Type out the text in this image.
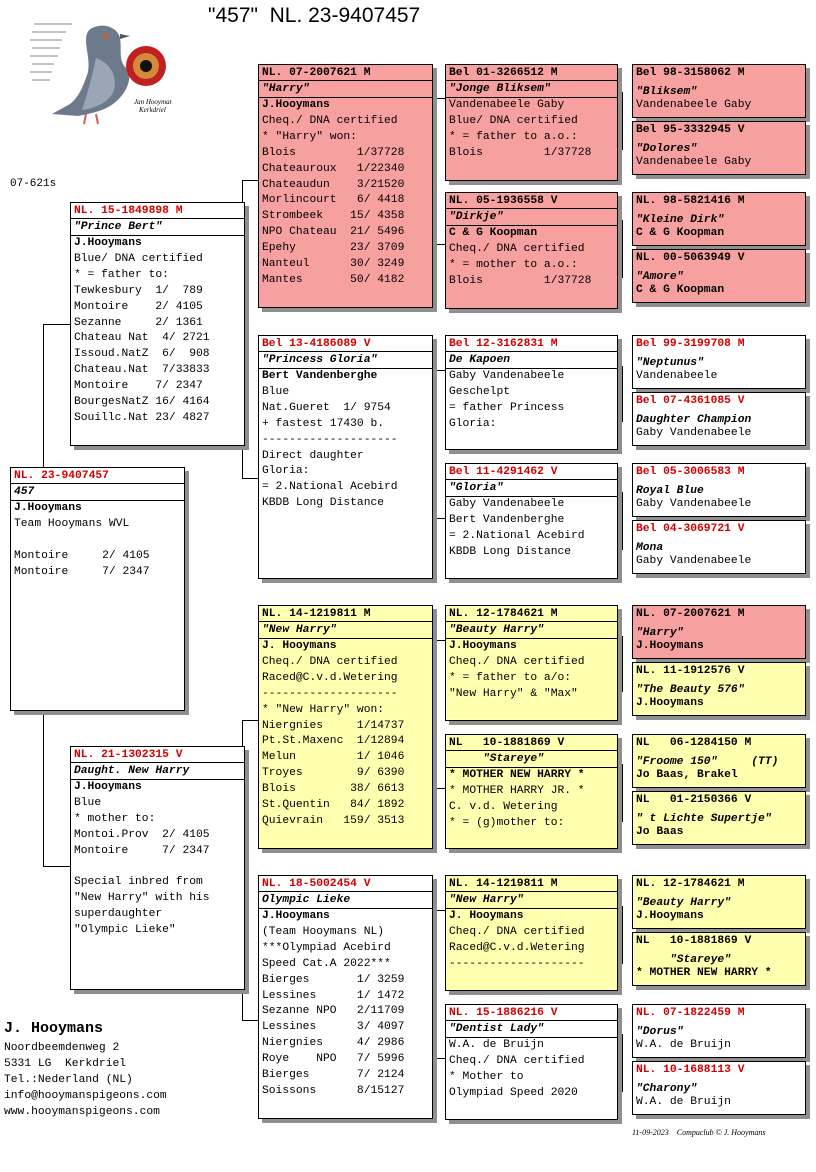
"457"  NL. 23-9407457
Jan Hooymans
Kerkdriel
07-621s
NL. 23-9407457
457
J.Hooymans
Team Hooymans WVL

Montoire     2/ 4105
Montoire     7/ 2347
NL. 15-1849898 M
"Prince Bert"
J.Hooymans
Blue/ DNA certified
* = father to:
Tewkesbury  1/  789
Montoire    2/ 4105
Sezanne     2/ 1361
Chateau Nat  4/ 2721
Issoud.NatZ  6/  908
Chateau.Nat  7/33833
Montoire    7/ 2347
BourgesNatZ 16/ 4164
Souillc.Nat 23/ 4827
NL. 21-1302315 V
Daught. New Harry
J.Hooymans
Blue
* mother to:
Montoi.Prov  2/ 4105
Montoire     7/ 2347

Special inbred from
"New Harry" with his
superdaughter
"Olympic Lieke"
NL. 07-2007621 M
"Harry"
J.Hooymans
Cheq./ DNA certified
* "Harry" won:
Blois         1/37728
Chateauroux   1/22340
Chateaudun    3/21520
Morlincourt   6/ 4418
Strombeek    15/ 4358
NPO Chateau  21/ 5496
Epehy        23/ 3709
Nanteul      30/ 3249
Mantes       50/ 4182
Bel 13-4186089 V
"Princess Gloria"
Bert Vandenberghe
Blue
Nat.Gueret  1/ 9754
+ fastest 17430 b.
--------------------
Direct daughter
Gloria:
= 2.National Acebird
KBDB Long Distance
NL. 14-1219811 M
"New Harry"
J. Hooymans
Cheq./ DNA certified
Raced@C.v.d.Wetering
--------------------
* "New Harry" won:
Niergnies     1/14737
Pt.St.Maxenc  1/12894
Melun         1/ 1046
Troyes        9/ 6390
Blois        38/ 6613
St.Quentin   84/ 1892
Quievrain   159/ 3513
NL. 18-5002454 V
Olympic Lieke
J.Hooymans
(Team Hooymans NL)
***Olympiad Acebird
Speed Cat.A 2022***
Bierges       1/ 3259
Lessines      1/ 1472
Sezanne NPO   2/11709
Lessines      3/ 4097
Niergnies     4/ 2986
Roye    NPO   7/ 5996
Bierges       7/ 2124
Soissons      8/15127
Bel 01-3266512 M
"Jonge Bliksem"
Vandenabeele Gaby
Blue/ DNA certified
* = father to a.o.:
Blois         1/37728
NL. 05-1936558 V
"Dirkje"
C & G Koopman
Cheq./ DNA certified
* = mother to a.o.:
Blois         1/37728
Bel 12-3162831 M
De Kapoen
Gaby Vandenabeele
Geschelpt
= father Princess
Gloria:
Bel 11-4291462 V
"Gloria"
Gaby Vandenabeele
Bert Vandenberghe
= 2.National Acebird
KBDB Long Distance
NL. 12-1784621 M
"Beauty Harry"
J.Hooymans
Cheq./ DNA certified
* = father to a/o:
"New Harry" & "Max"
NL   10-1881869 V
"Stareye"
* MOTHER NEW HARRY *
* MOTHER HARRY JR. *
C. v.d. Wetering
* = (g)mother to:
NL. 14-1219811 M
"New Harry"
J. Hooymans
Cheq./ DNA certified
Raced@C.v.d.Wetering
--------------------
NL. 15-1886216 V
"Dentist Lady"
W.A. de Bruijn
Cheq./ DNA certified
* Mother to
Olympiad Speed 2020
Bel 98-3158062 M
"Bliksem"
Vandenabeele Gaby
Bel 95-3332945 V
"Dolores"
Vandenabeele Gaby
NL. 98-5821416 M
"Kleine Dirk"
C & G Koopman
NL. 00-5063949 V
"Amore"
C & G Koopman
Bel 99-3199708 M
"Neptunus"
Vandenabeele
Bel 07-4361085 V
Daughter Champion
Gaby Vandenabeele
Bel 05-3006583 M
Royal Blue
Gaby Vandenabeele
Bel 04-3069721 V
Mona
Gaby Vandenabeele
NL. 07-2007621 M
"Harry"
J.Hooymans
NL. 11-1912576 V
"The Beauty 576"
J.Hooymans
NL   06-1284150 M
"Froome 150"     (TT)
Jo Baas, Brakel
NL   01-2150366 V
" t Lichte Supertje"
Jo Baas
NL. 12-1784621 M
"Beauty Harry"
J.Hooymans
NL   10-1881869 V
"Stareye"
* MOTHER NEW HARRY *
NL. 07-1822459 M
"Dorus"
W.A. de Bruijn
NL. 10-1688113 V
"Charony"
W.A. de Bruijn
J. Hooymans
Noordbeemdenweg 2
5331 LG  Kerkdriel
Tel.:Nederland (NL)
info@hooymanspigeons.com
www.hooymanspigeons.com
11-09-2023    Compuclub © J. Hooymans
